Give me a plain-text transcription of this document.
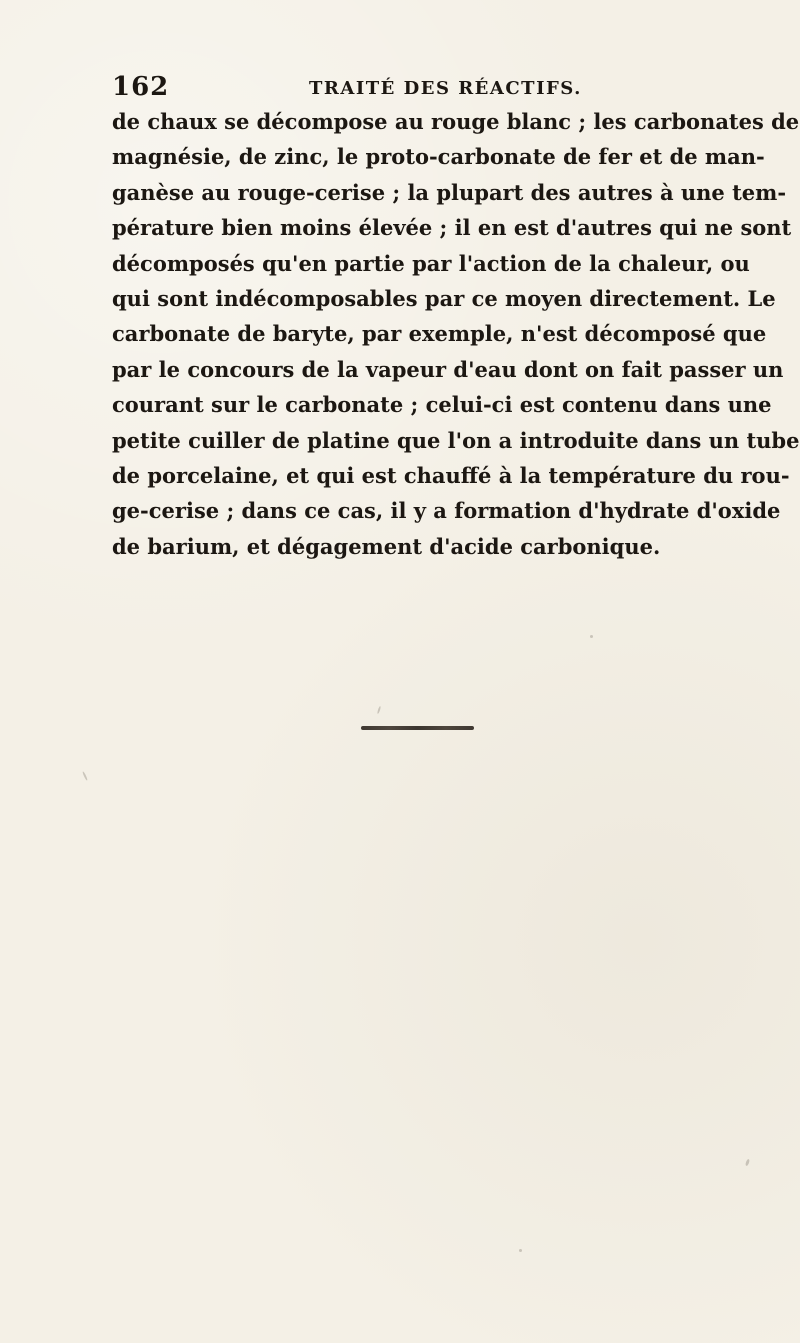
162	TRAITÉ DES RÉACTIFS.
de chaux se décompose au rouge blanc ; les carbonates de
magnésie, de zinc, le proto-carbonate de fer et de man-
ganèse au rouge-cerise ; la plupart des autres à une tem-
pérature bien moins élevée ; il en est d'autres qui ne sont
décomposés qu'en partie par l'action de la chaleur, ou
qui sont indécomposables par ce moyen directement. Le
carbonate de baryte, par exemple, n'est décomposé que
par le concours de la vapeur d'eau dont on fait passer un
courant sur le carbonate ; celui-ci est contenu dans une
petite cuiller de platine que l'on a introduite dans un tube
de porcelaine, et qui est chauffé à la température du rou-
ge-cerise ; dans ce cas, il y a formation d'hydrate d'oxide
de barium, et dégagement d'acide carbonique.
